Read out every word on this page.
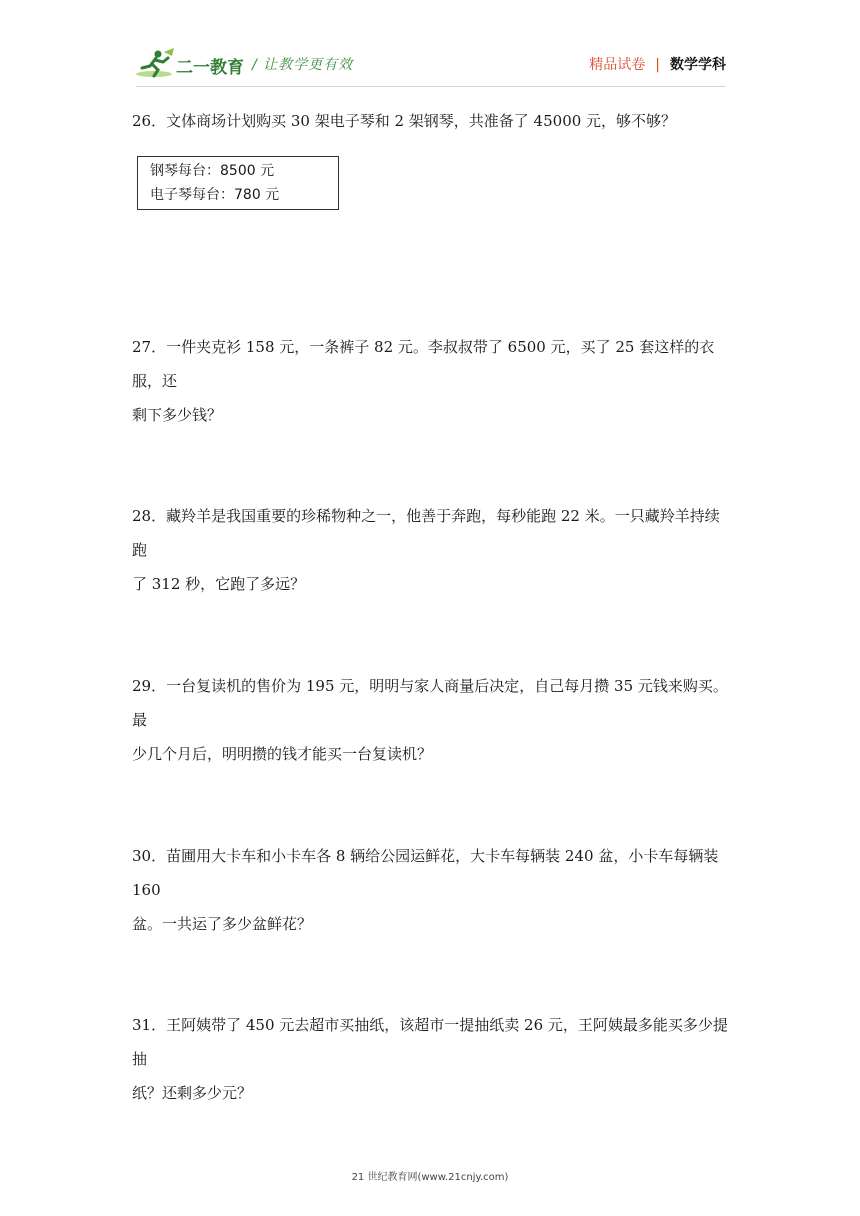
二一教育 / 让教学更有效	精品试卷 | 数学学科

26．文体商场计划购买 30 架电子琴和 2 架钢琴，共准备了 45000 元，够不够？

钢琴每台：8500 元
电子琴每台：780 元

27．一件夹克衫 158 元，一条裤子 82 元。李叔叔带了 6500 元，买了 25 套这样的衣服，还

剩下多少钱？

28．藏羚羊是我国重要的珍稀物种之一，他善于奔跑，每秒能跑 22 米。一只藏羚羊持续跑

了 312 秒，它跑了多远？

29．一台复读机的售价为 195 元，明明与家人商量后决定，自己每月攒 35 元钱来购买。最

少几个月后，明明攒的钱才能买一台复读机？

30．苗圃用大卡车和小卡车各 8 辆给公园运鲜花，大卡车每辆装 240 盆，小卡车每辆装 160

盆。一共运了多少盆鲜花？

31．王阿姨带了 450 元去超市买抽纸，该超市一提抽纸卖 26 元，王阿姨最多能买多少提抽

纸？还剩多少元？

21 世纪教育网(www.21cnjy.com)
